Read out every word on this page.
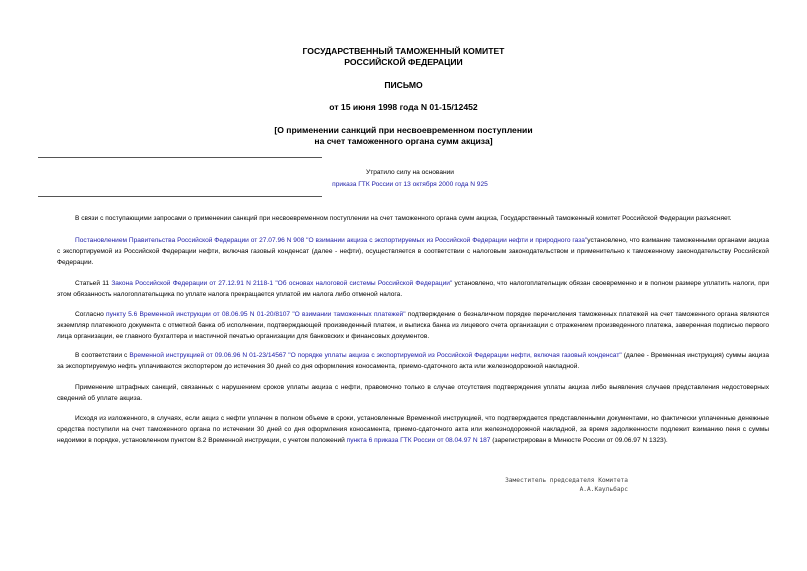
ГОСУДАРСТВЕННЫЙ ТАМОЖЕННЫЙ КОМИТЕТ
РОССИЙСКОЙ ФЕДЕРАЦИИ
ПИСЬМО
от 15 июня 1998 года N 01-15/12452
[О применении санкций при несвоевременном поступлении
на счет таможенного органа сумм акциза]
Утратило силу на основании
приказа ГТК России от 13 октября 2000 года N 925

В связи с поступающими запросами о применении санкций при несвоевременном поступлении на счет таможенного органа сумм акциза, Государственный таможенный комитет Российской Федерации разъясняет.

Постановлением Правительства Российской Федерации от 27.07.96 N 908 "О взимании акциза с экспортируемых из Российской Федерации нефти и природного газа"установлено, что взимание таможенными органами акциза с экспортируемой из Российской Федерации нефти, включая газовый конденсат (далее - нефти), осуществляется в соответствии с налоговым законодательством и применительно к таможенному законодательству Российской Федерации.

Статьей 11 Закона Российской Федерации от 27.12.91 N 2118-1 "Об основах налоговой системы Российской Федерации" установлено, что налогоплательщик обязан своевременно и в полном размере уплатить налоги, при этом обязанность налогоплательщика по уплате налога прекращается уплатой им налога либо отменой налога.

Согласно пункту 5.6 Временной инструкции от 08.06.95 N 01-20/8107 "О взимании таможенных платежей" подтверждение о безналичном порядке перечисления таможенных платежей на счет таможенного органа являются экземпляр платежного документа с отметкой банка об исполнении, подтверждающей произведенный платеж, и выписка банка из лицевого счета организации с отражением произведенного платежа, заверенная подписью первого лица организации, ее главного бухгалтера и мастичной печатью организации для банковских и финансовых документов.

В соответствии с Временной инструкцией от 09.06.96 N 01-23/14567 "О порядке уплаты акциза с экспортируемой из Российской Федерации нефти, включая газовый конденсат" (далее - Временная инструкция) суммы акциза за экспортируемую нефть уплачиваются экспортером до истечения 30 дней со дня оформления коносамента, приемо-сдаточного акта или железнодорожной накладной.

Применение штрафных санкций, связанных с нарушением сроков уплаты акциза с нефти, правомочно только в случае отсутствия подтверждения уплаты акциза либо выявления случаев представления недостоверных сведений об уплате акциза.

Исходя из изложенного, в случаях, если акциз с нефти уплачен в полном объеме в сроки, установленные Временной инструкцией, что подтверждается представленными документами, но фактически уплаченные денежные средства поступили на счет таможенного органа по истечении 30 дней со дня оформления коносамента, приемо-сдаточного акта или железнодорожной накладной, за время задолженности подлежит взиманию пеня с суммы недоимки в порядке, установленном пунктом 8.2 Временной инструкции, с учетом положений пункта 6 приказа ГТК России от 08.04.97 N 187 (зарегистрирован в Минюсте России от 09.06.97 N 1323).

Заместитель председателя Комитета
А.А.Каульбарс
